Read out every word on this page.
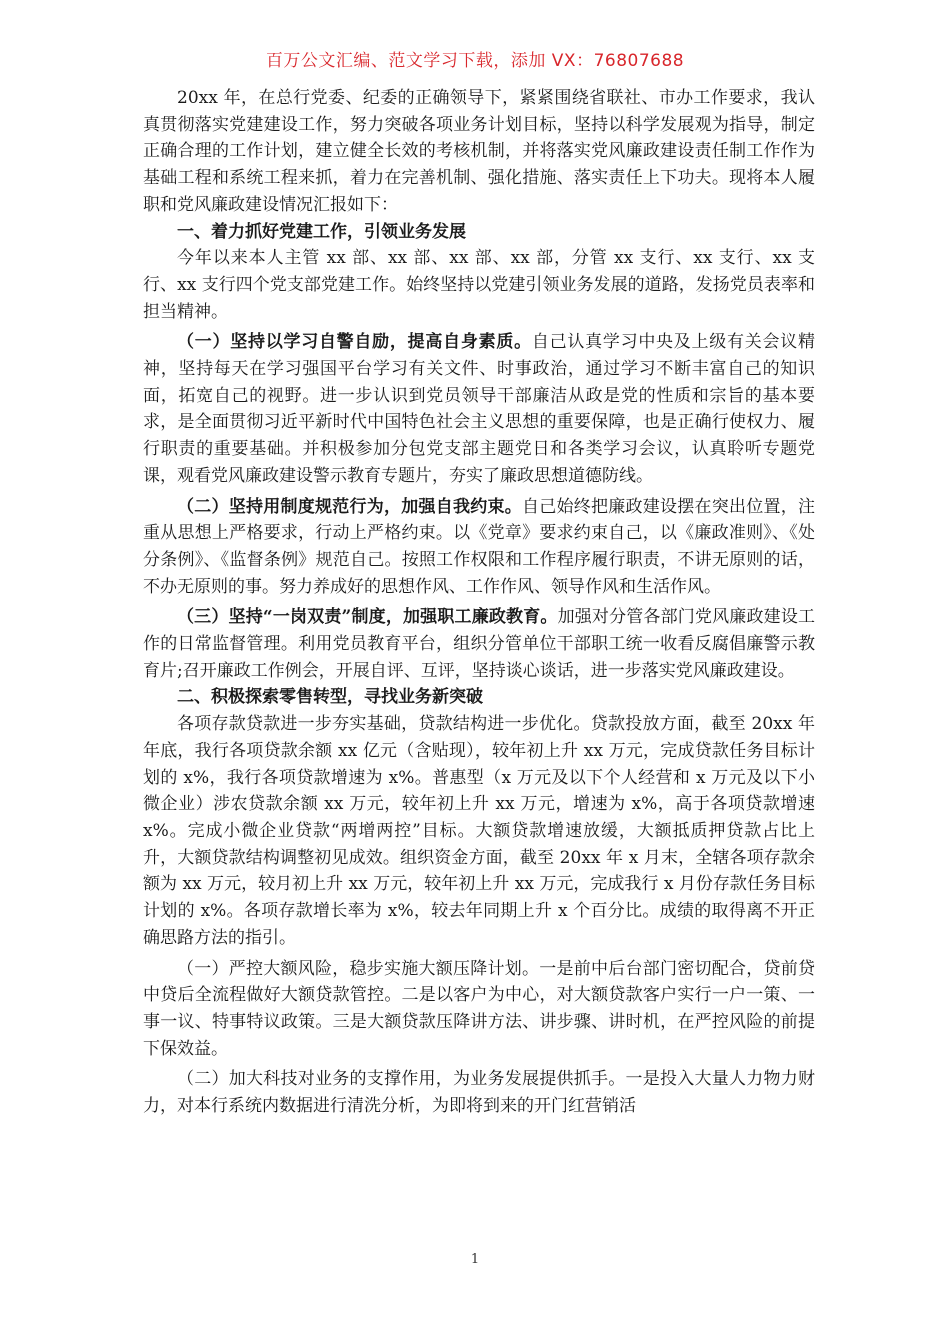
百万公文汇编、范文学习下载，添加 VX：76807688

20xx 年，在总行党委、纪委的正确领导下，紧紧围绕省联社、市办工作要求，我认真贯彻落实党建建设工作，努力突破各项业务计划目标，坚持以科学发展观为指导，制定正确合理的工作计划，建立健全长效的考核机制，并将落实党风廉政建设责任制工作作为基础工程和系统工程来抓，着力在完善机制、强化措施、落实责任上下功夫。现将本人履职和党风廉政建设情况汇报如下：

一、着力抓好党建工作，引领业务发展

今年以来本人主管 xx 部、xx 部、xx 部、xx 部，分管 xx 支行、xx 支行、xx 支行、xx 支行四个党支部党建工作。始终坚持以党建引领业务发展的道路，发扬党员表率和担当精神。

（一）坚持以学习自警自励，提高自身素质。自己认真学习中央及上级有关会议精神，坚持每天在学习强国平台学习有关文件、时事政治，通过学习不断丰富自己的知识面，拓宽自己的视野。进一步认识到党员领导干部廉洁从政是党的性质和宗旨的基本要求，是全面贯彻习近平新时代中国特色社会主义思想的重要保障，也是正确行使权力、履行职责的重要基础。并积极参加分包党支部主题党日和各类学习会议，认真聆听专题党课，观看党风廉政建设警示教育专题片，夯实了廉政思想道德防线。

（二）坚持用制度规范行为，加强自我约束。自己始终把廉政建设摆在突出位置，注重从思想上严格要求，行动上严格约束。以《党章》要求约束自己，以《廉政准则》、《处分条例》、《监督条例》规范自己。按照工作权限和工作程序履行职责，不讲无原则的话，不办无原则的事。努力养成好的思想作风、工作作风、领导作风和生活作风。

（三）坚持“一岗双责”制度，加强职工廉政教育。加强对分管各部门党风廉政建设工作的日常监督管理。利用党员教育平台，组织分管单位干部职工统一收看反腐倡廉警示教育片;召开廉政工作例会，开展自评、互评，坚持谈心谈话，进一步落实党风廉政建设。

二、积极探索零售转型，寻找业务新突破

各项存款贷款进一步夯实基础，贷款结构进一步优化。贷款投放方面，截至 20xx 年年底，我行各项贷款余额 xx 亿元（含贴现），较年初上升 xx 万元，完成贷款任务目标计划的 x%，我行各项贷款增速为 x%。普惠型（x 万元及以下个人经营和 x 万元及以下小微企业）涉农贷款余额 xx 万元，较年初上升 xx 万元，增速为 x%，高于各项贷款增速 x%。完成小微企业贷款“两增两控”目标。大额贷款增速放缓，大额抵质押贷款占比上升，大额贷款结构调整初见成效。组织资金方面，截至 20xx 年 x 月末，全辖各项存款余额为 xx 万元，较月初上升 xx 万元，较年初上升 xx 万元，完成我行 x 月份存款任务目标计划的 x%。各项存款增长率为 x%，较去年同期上升 x 个百分比。成绩的取得离不开正确思路方法的指引。

（一）严控大额风险，稳步实施大额压降计划。一是前中后台部门密切配合，贷前贷中贷后全流程做好大额贷款管控。二是以客户为中心，对大额贷款客户实行一户一策、一事一议、特事特议政策。三是大额贷款压降讲方法、讲步骤、讲时机，在严控风险的前提下保效益。

（二）加大科技对业务的支撑作用，为业务发展提供抓手。一是投入大量人力物力财力，对本行系统内数据进行清洗分析，为即将到来的开门红营销活

1
